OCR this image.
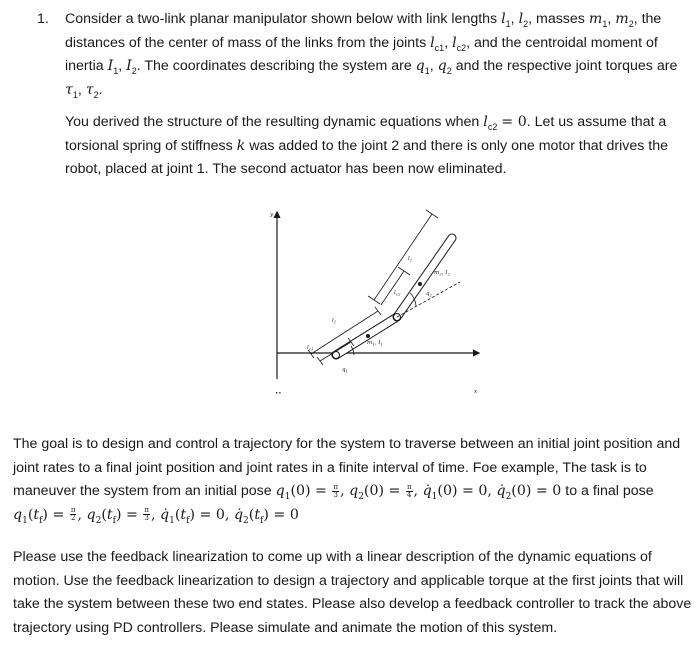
1. Consider a two-link planar manipulator shown below with link lengths $l_1$, $l_2$, masses $m_1$, $m_2$, the distances of the center of mass of the links from the joints $l_{c1}$, $l_{c2}$, and the centroidal moment of inertia $I_1$, $I_2$. The coordinates describing the system are $q_1$, $q_2$ and the respective joint torques are $\tau_1$, $\tau_2$.

You derived the structure of the resulting dynamic equations when $l_{c2} = 0$. Let us assume that a torsional spring of stiffness k was added to the joint 2 and there is only one motor that drives the robot, placed at joint 1. The second actuator has been now eliminated.

y
x
••
$l_1$
$l_{c1}$
$l_2$
$l_{c2}$
$m_1$, $I_1$
$m_2$, $I_2$
$q_1$
$q_2$

The goal is to design and control a trajectory for the system to traverse between an initial joint position and joint rates to a final joint position and joint rates in a finite interval of time. Foe example, The task is to maneuver the system from an initial pose $q_1(0) = \frac{\pi}{3}$ , $q_2(0) = \frac{\pi}{4}$ , $q̇_1(0) = 0$, $q̇_2(0) = 0$ to a final pose
$q_1(t_f) = \frac{\pi}{2}$ , $q_2(t_f) = \frac{\pi}{3}$ , $q̇_1(t_f) = 0$, $q̇_2(t_f) = 0$

Please use the feedback linearization to come up with a linear description of the dynamic equations of motion. Use the feedback linearization to design a trajectory and applicable torque at the first joints that will take the system between these two end states. Please also develop a feedback controller to track the above trajectory using PD controllers. Please simulate and animate the motion of this system.
